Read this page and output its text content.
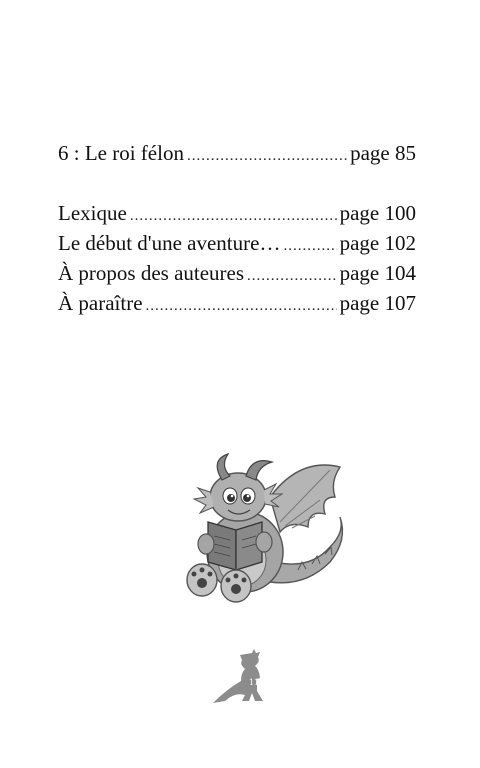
6 : Le roi félon .....	page 85
Lexique .....	page 100
Le début d'une aventure… .....	page 102
À propos des auteures .....	page 104
À paraître .....	page 107
11
